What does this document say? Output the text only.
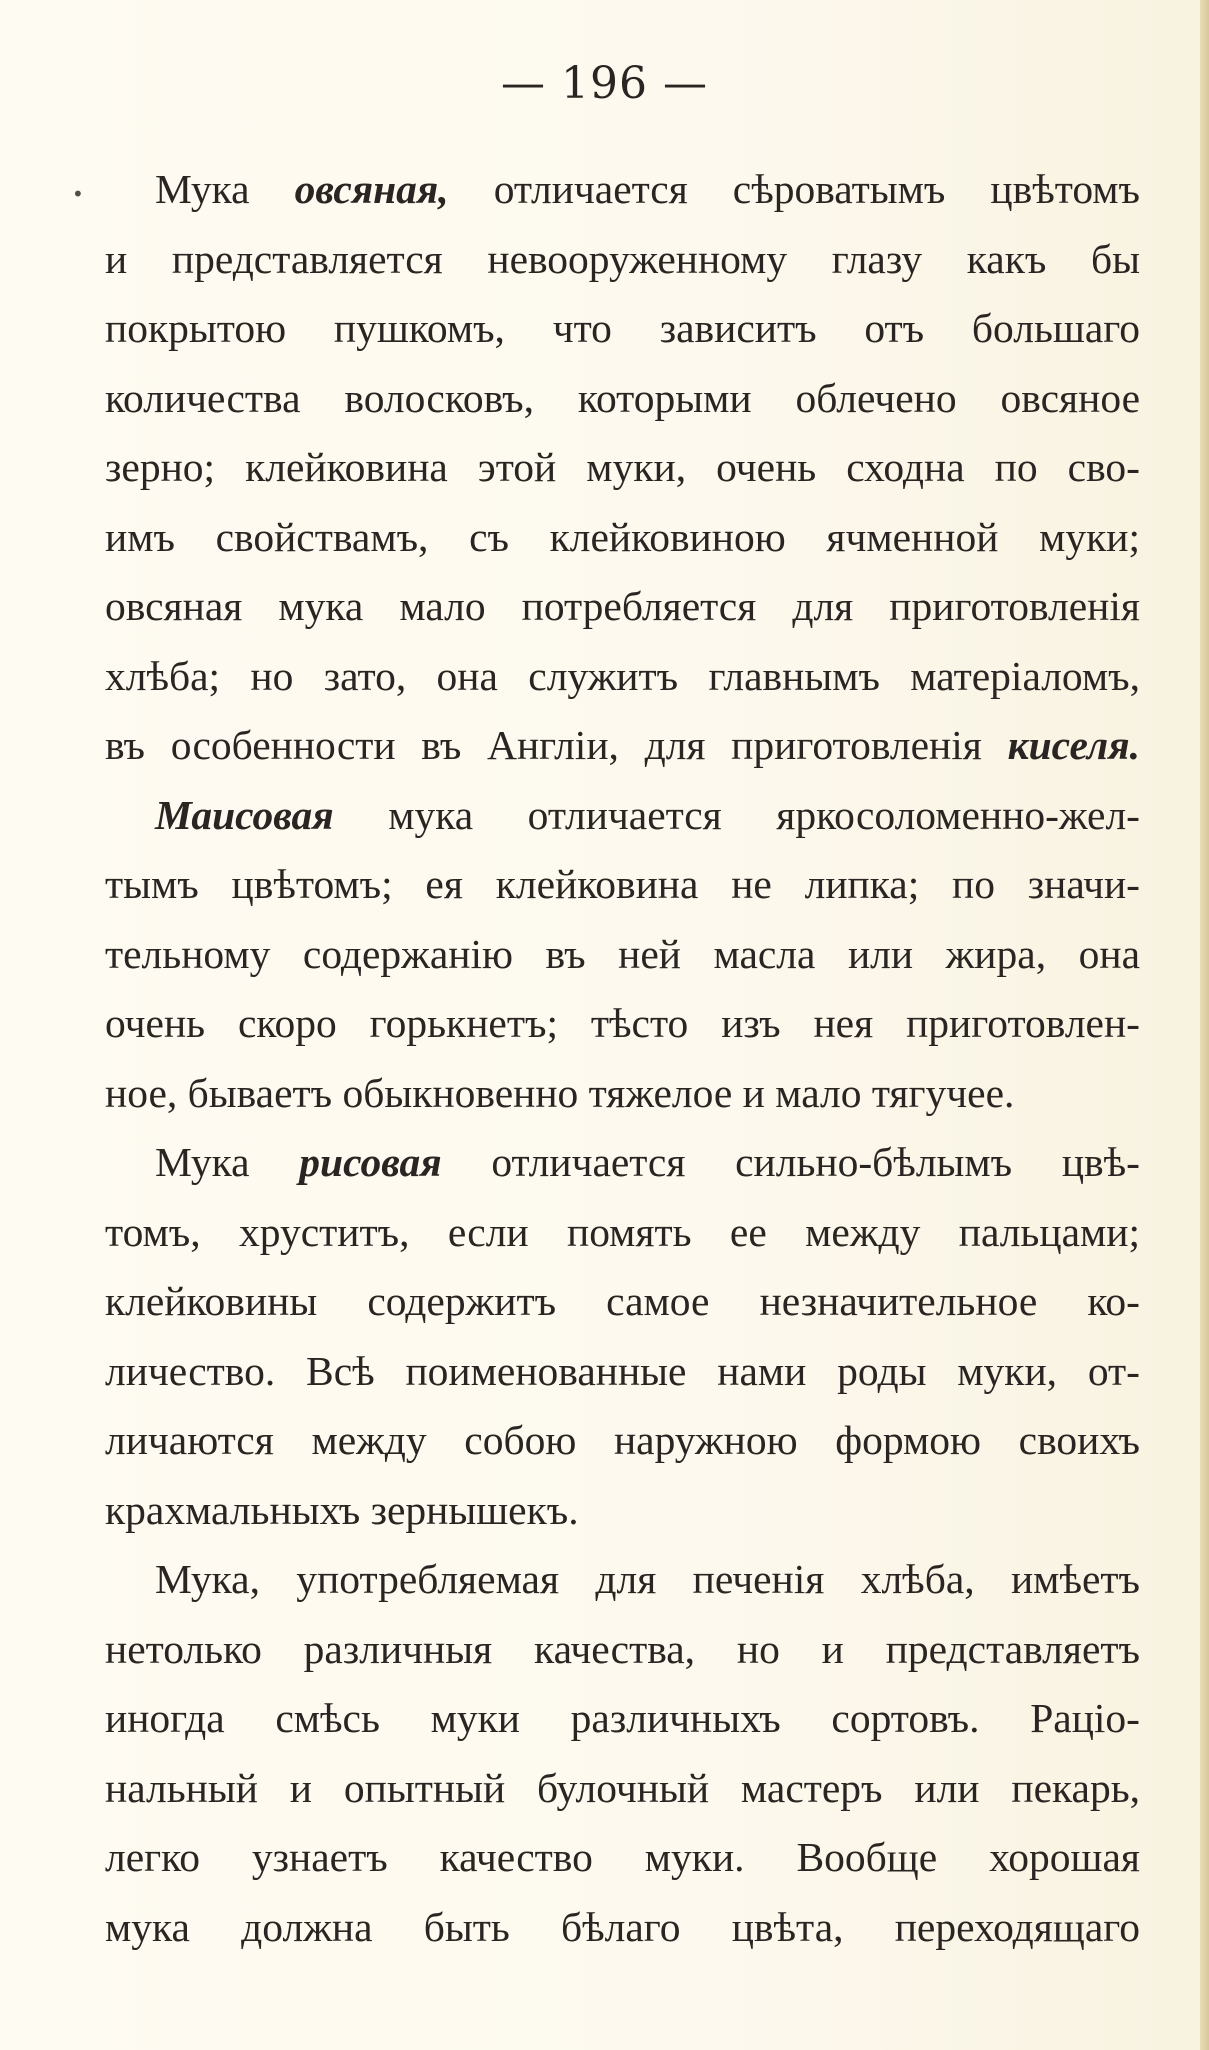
— 196 —
•	Мука овсяная, отличается сѣроватымъ цвѣтомъ
и представляется невооруженному глазу какъ бы
покрытою пушкомъ, что зависитъ отъ большаго
количества волосковъ, которыми облечено овсяное
зерно; клейковина этой муки, очень сходна по сво-
имъ свойствамъ, съ клейковиною ячменной муки;
овсяная мука мало потребляется для приготовленія
хлѣба; но зато, она служитъ главнымъ матеріаломъ,
въ особенности въ Англіи, для приготовленія киселя.
Маисовая мука отличается яркосоломенно-жел-
тымъ цвѣтомъ; ея клейковина не липка; по значи-
тельному содержанію въ ней масла или жира, она
очень скоро горькнетъ; тѣсто изъ нея приготовлен-
ное, бываетъ обыкновенно тяжелое и мало тягучее.
Мука рисовая отличается сильно-бѣлымъ цвѣ-
томъ, хруститъ, если помять ее между пальцами;
клейковины содержитъ самое незначительное ко-
личество. Всѣ поименованные нами роды муки, от-
личаются между собою наружною формою своихъ
крахмальныхъ зернышекъ.
Мука, употребляемая для печенія хлѣба, имѣетъ
нетолько различныя качества, но и представляетъ
иногда смѣсь муки различныхъ сортовъ. Раціо-
нальный и опытный булочный мастеръ или пекарь,
легко узнаетъ качество муки. Вообще хорошая
мука должна быть бѣлаго цвѣта, переходящаго
